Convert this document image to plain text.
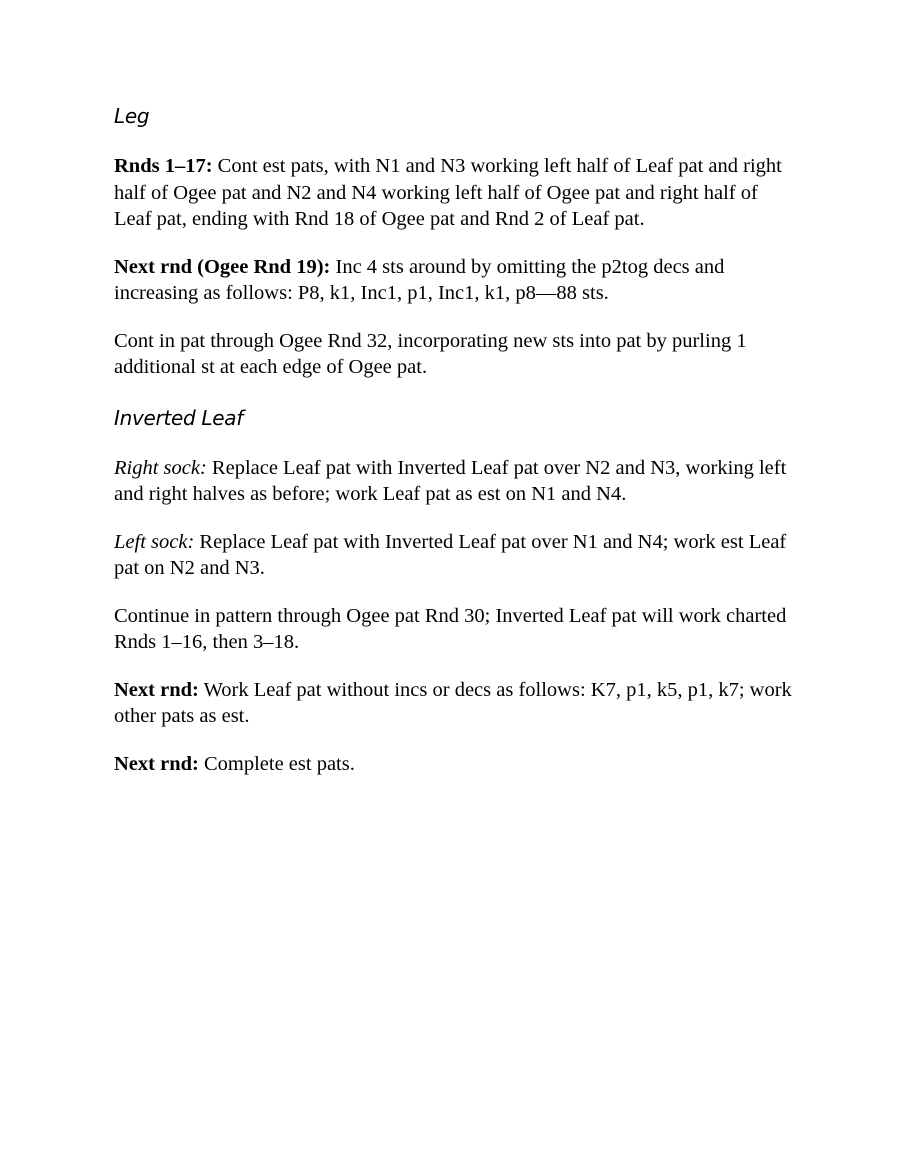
Leg

Rnds 1–17: Cont est pats, with N1 and N3 working left half of Leaf pat and right half of Ogee pat and N2 and N4 working left half of Ogee pat and right half of Leaf pat, ending with Rnd 18 of Ogee pat and Rnd 2 of Leaf pat.

Next rnd (Ogee Rnd 19): Inc 4 sts around by omitting the p2tog decs and increasing as follows: P8, k1, Inc1, p1, Inc1, k1, p8—88 sts.

Cont in pat through Ogee Rnd 32, incorporating new sts into pat by purling 1 additional st at each edge of Ogee pat.

Inverted Leaf

Right sock: Replace Leaf pat with Inverted Leaf pat over N2 and N3, working left and right halves as before; work Leaf pat as est on N1 and N4.

Left sock: Replace Leaf pat with Inverted Leaf pat over N1 and N4; work est Leaf pat on N2 and N3.

Continue in pattern through Ogee pat Rnd 30; Inverted Leaf pat will work charted Rnds 1–16, then 3–18.

Next rnd: Work Leaf pat without incs or decs as follows: K7, p1, k5, p1, k7; work other pats as est.

Next rnd: Complete est pats.
